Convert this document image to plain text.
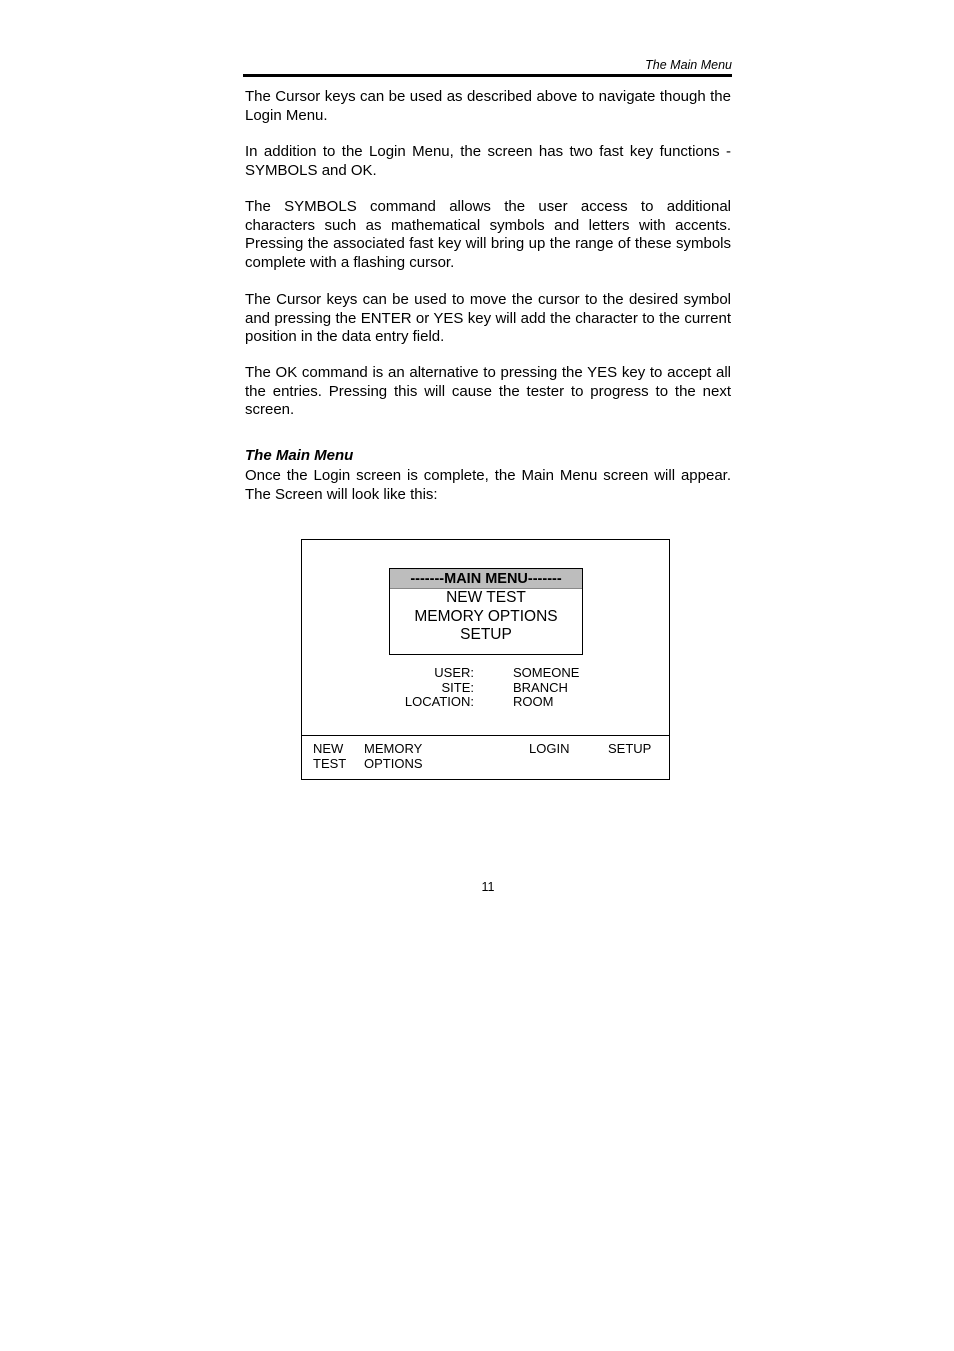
The Main Menu

The Cursor keys can be used as described above to navigate though the Login Menu.

In addition to the Login Menu, the screen has two fast key functions - SYMBOLS and OK.

The SYMBOLS command allows the user access to additional characters such as mathematical symbols and letters with accents. Pressing the associated fast key will bring up the range of these symbols complete with a flashing cursor.

The Cursor keys can be used to move the cursor to the desired symbol and pressing the ENTER or YES key will add the character to the current position in the data entry field.

The OK command is an alternative to pressing the YES key to accept all the entries. Pressing this will cause the tester to progress to the next screen.

The Main Menu

Once the Login screen is complete, the Main Menu screen will appear. The Screen will look like this:

-------MAIN MENU-------
NEW TEST
MEMORY OPTIONS
SETUP
USER:
SITE:
LOCATION:
SOMEONE
BRANCH
ROOM
NEW
TEST
MEMORY
OPTIONS
LOGIN	SETUP
11
